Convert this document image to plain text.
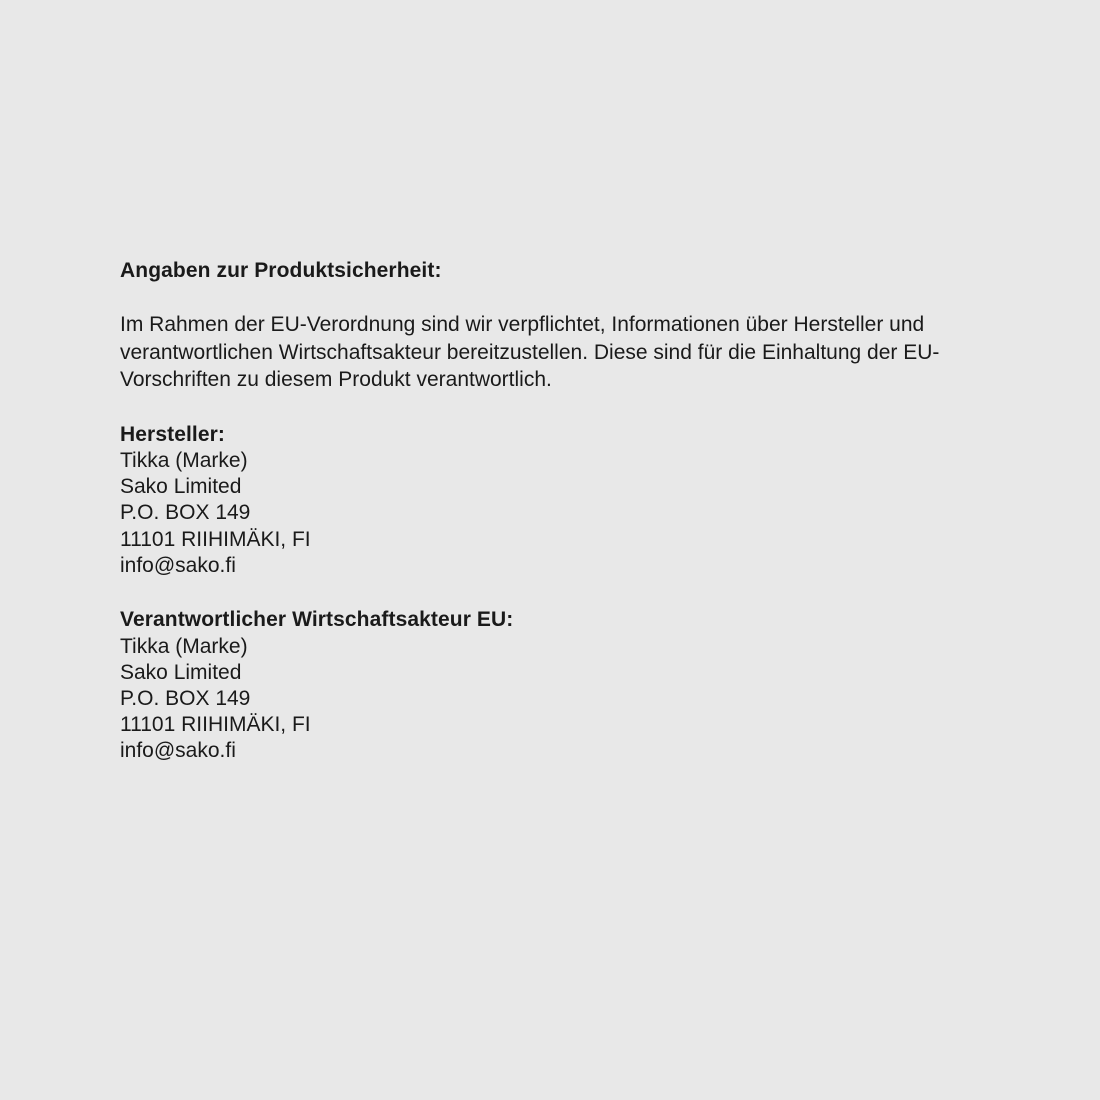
Angaben zur Produktsicherheit:

Im Rahmen der EU-Verordnung sind wir verpflichtet, Informationen über Hersteller und verantwortlichen Wirtschaftsakteur bereitzustellen. Diese sind für die Einhaltung der EU-Vorschriften zu diesem Produkt verantwortlich.

Hersteller:

Tikka (Marke)

Sako Limited

P.O. BOX 149

11101 RIIHIMÄKI, FI

info@sako.fi

Verantwortlicher Wirtschaftsakteur EU:

Tikka (Marke)

Sako Limited

P.O. BOX 149

11101 RIIHIMÄKI, FI

info@sako.fi
